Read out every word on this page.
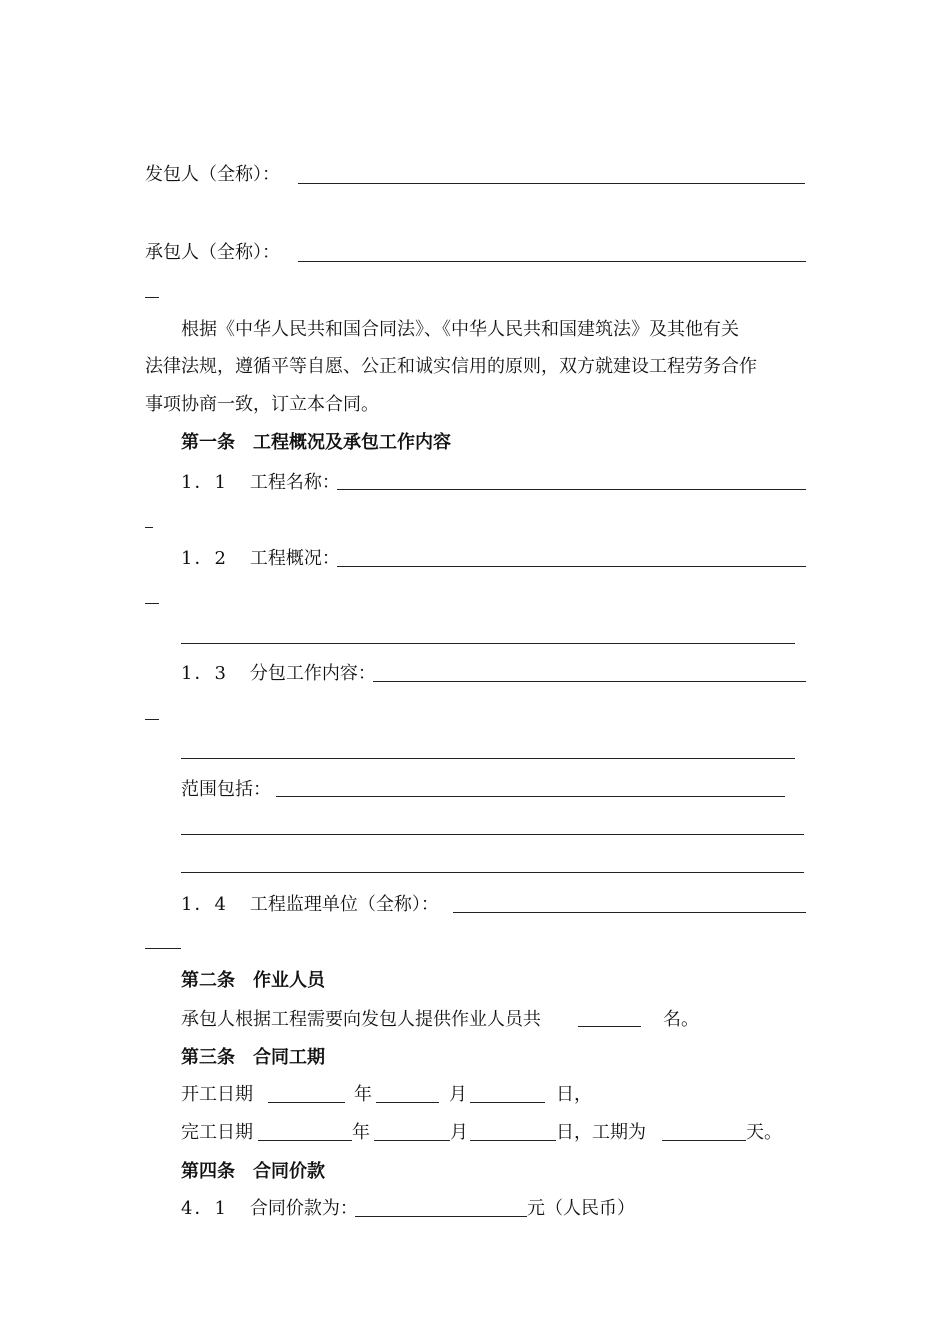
发包人（全称）：
承包人（全称）：
根据《中华人民共和国合同法》、《中华人民共和国建筑法》及其他有关
法律法规，遵循平等自愿、公正和诚实信用的原则，双方就建设工程劳务合作
事项协商一致，订立本合同。
第一条　工程概况及承包工作内容
1．1 工程名称：
1．2 工程概况：
1．3 分包工作内容：
范围包括：
1．4 工程监理单位（全称）：
第二条　作业人员
承包人根据工程需要向发包人提供作业人员共	名。
第三条　合同工期
开工日期	年	月	日，
完工日期	年	月	日，工期为	天。
第四条　合同价款
4．1 合同价款为：	元（人民币）
